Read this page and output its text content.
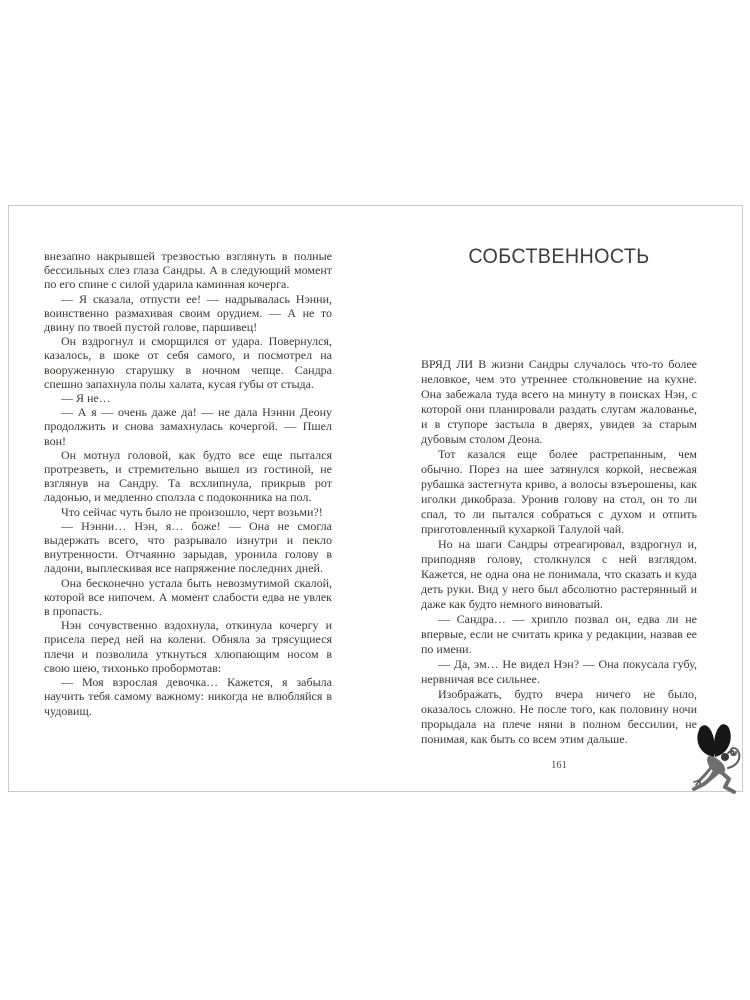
внезапно накрывшей трезвостью взглянуть в полные бессильных слез глаза Сандры. А в следующий момент по его спине с силой ударила каминная кочерга.

— Я сказала, отпусти ее! — надрывалась Нэнни, воинственно размахивая своим орудием. — А не то двину по твоей пустой голове, паршивец!

Он вздрогнул и сморщился от удара. Повернулся, казалось, в шоке от себя самого, и посмотрел на вооруженную старушку в ночном чепце. Сандра спешно запахнула полы халата, кусая губы от стыда.

— Я не…

— А я — очень даже да! — не дала Нэнни Деону продолжить и снова замахнулась кочергой. — Пшел вон!

Он мотнул головой, как будто все еще пытался протрезветь, и стремительно вышел из гостиной, не взглянув на Сандру. Та всхлипнула, прикрыв рот ладонью, и медленно сползла с подоконника на пол.

Что сейчас чуть было не произошло, черт возьми?!

— Нэнни… Нэн, я… боже! — Она не смогла выдержать всего, что разрывало изнутри и пекло внутренности. Отчаянно зарыдав, уронила голову в ладони, выплескивая все напряжение последних дней.

Она бесконечно устала быть невозмутимой скалой, которой все нипочем. А момент слабости едва не увлек в пропасть.

Нэн сочувственно вздохнула, откинула кочергу и присела перед ней на колени. Обняла за трясущиеся плечи и позволила уткнуться хлюпающим носом в свою шею, тихонько пробормотав:

— Моя взрослая девочка… Кажется, я забыла научить тебя самому важному: никогда не влюбляйся в чудовищ.

СОБСТВЕННОСТЬ

ВРЯД ЛИ В жизни Сандры случалось что-то более неловкое, чем это утреннее столкновение на кухне. Она забежала туда всего на минуту в поисках Нэн, с которой они планировали раздать слугам жалованье, и в ступоре застыла в дверях, увидев за старым дубовым столом Деона.

Тот казался еще более растрепанным, чем обычно. Порез на шее затянулся коркой, несвежая рубашка застегнута криво, а волосы взъерошены, как иголки дикобраза. Уронив голову на стол, он то ли спал, то ли пытался собраться с духом и отпить приготовленный кухаркой Талулой чай.

Но на шаги Сандры отреагировал, вздрогнул и, приподняв голову, столкнулся с ней взглядом. Кажется, не одна она не понимала, что сказать и куда деть руки. Вид у него был абсолютно растерянный и даже как будто немного виноватый.

— Сандра… — хрипло позвал он, едва ли не впервые, если не считать крика у редакции, назвав ее по имени.

— Да, эм… Не видел Нэн? — Она покусала губу, нервничая все сильнее.

Изображать, будто вчера ничего не было, оказалось сложно. Не после того, как половину ночи прорыдала на плече няни в полном бессилии, не понимая, как быть со всем этим дальше.

161
